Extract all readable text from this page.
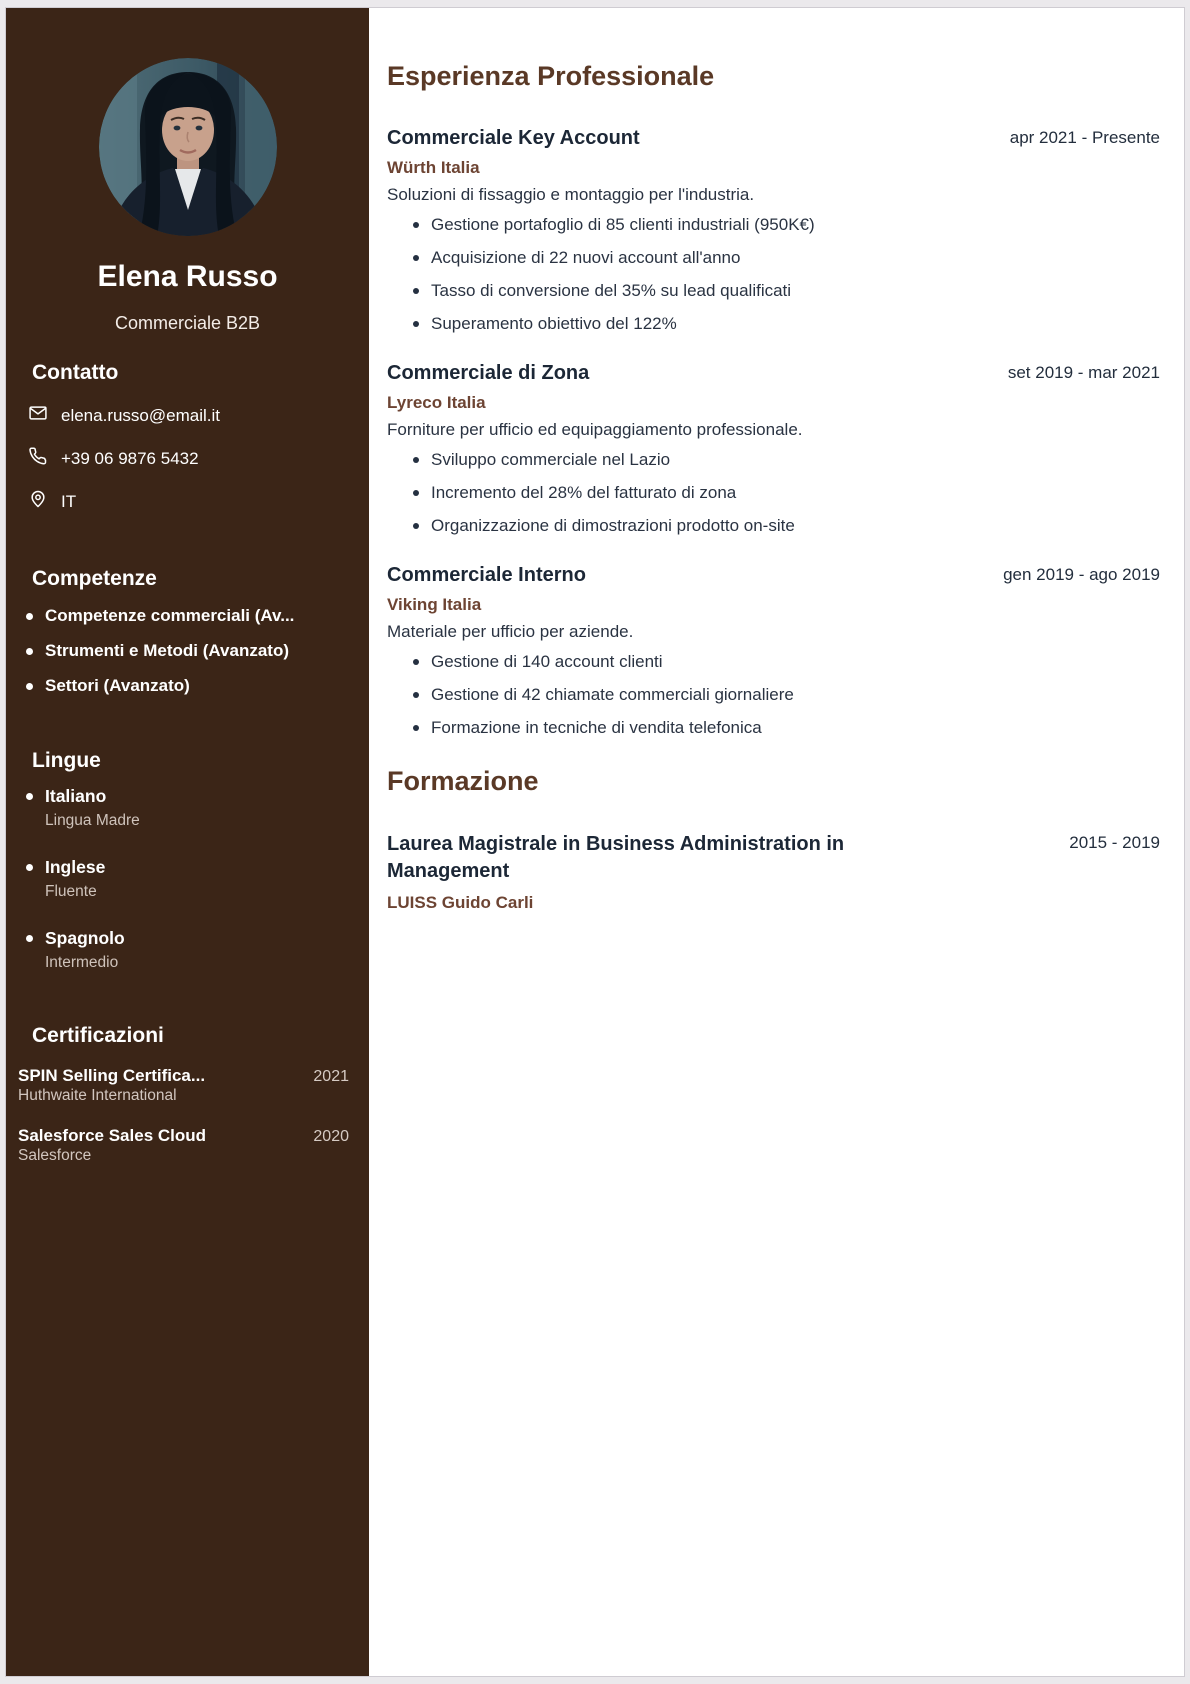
Elena Russo
Commerciale B2B
Contatto
elena.russo@email.it
+39 06 9876 5432
IT
Competenze
Competenze commerciali (Av...
Strumenti e Metodi (Avanzato)
Settori (Avanzato)
Lingue
Italiano
Lingua Madre
Inglese
Fluente
Spagnolo
Intermedio
Certificazioni
SPIN Selling Certifica...	2021
Huthwaite International
Salesforce Sales Cloud	2020
Salesforce
Esperienza Professionale
Commerciale Key Account	apr 2021 - Presente
Würth Italia
Soluzioni di fissaggio e montaggio per l'industria.
Gestione portafoglio di 85 clienti industriali (950K€)
Acquisizione di 22 nuovi account all'anno
Tasso di conversione del 35% su lead qualificati
Superamento obiettivo del 122%
Commerciale di Zona	set 2019 - mar 2021
Lyreco Italia
Forniture per ufficio ed equipaggiamento professionale.
Sviluppo commerciale nel Lazio
Incremento del 28% del fatturato di zona
Organizzazione di dimostrazioni prodotto on-site
Commerciale Interno	gen 2019 - ago 2019
Viking Italia
Materiale per ufficio per aziende.
Gestione di 140 account clienti
Gestione di 42 chiamate commerciali giornaliere
Formazione in tecniche di vendita telefonica
Formazione
Laurea Magistrale in Business Administration in Management
2015 - 2019
LUISS Guido Carli
